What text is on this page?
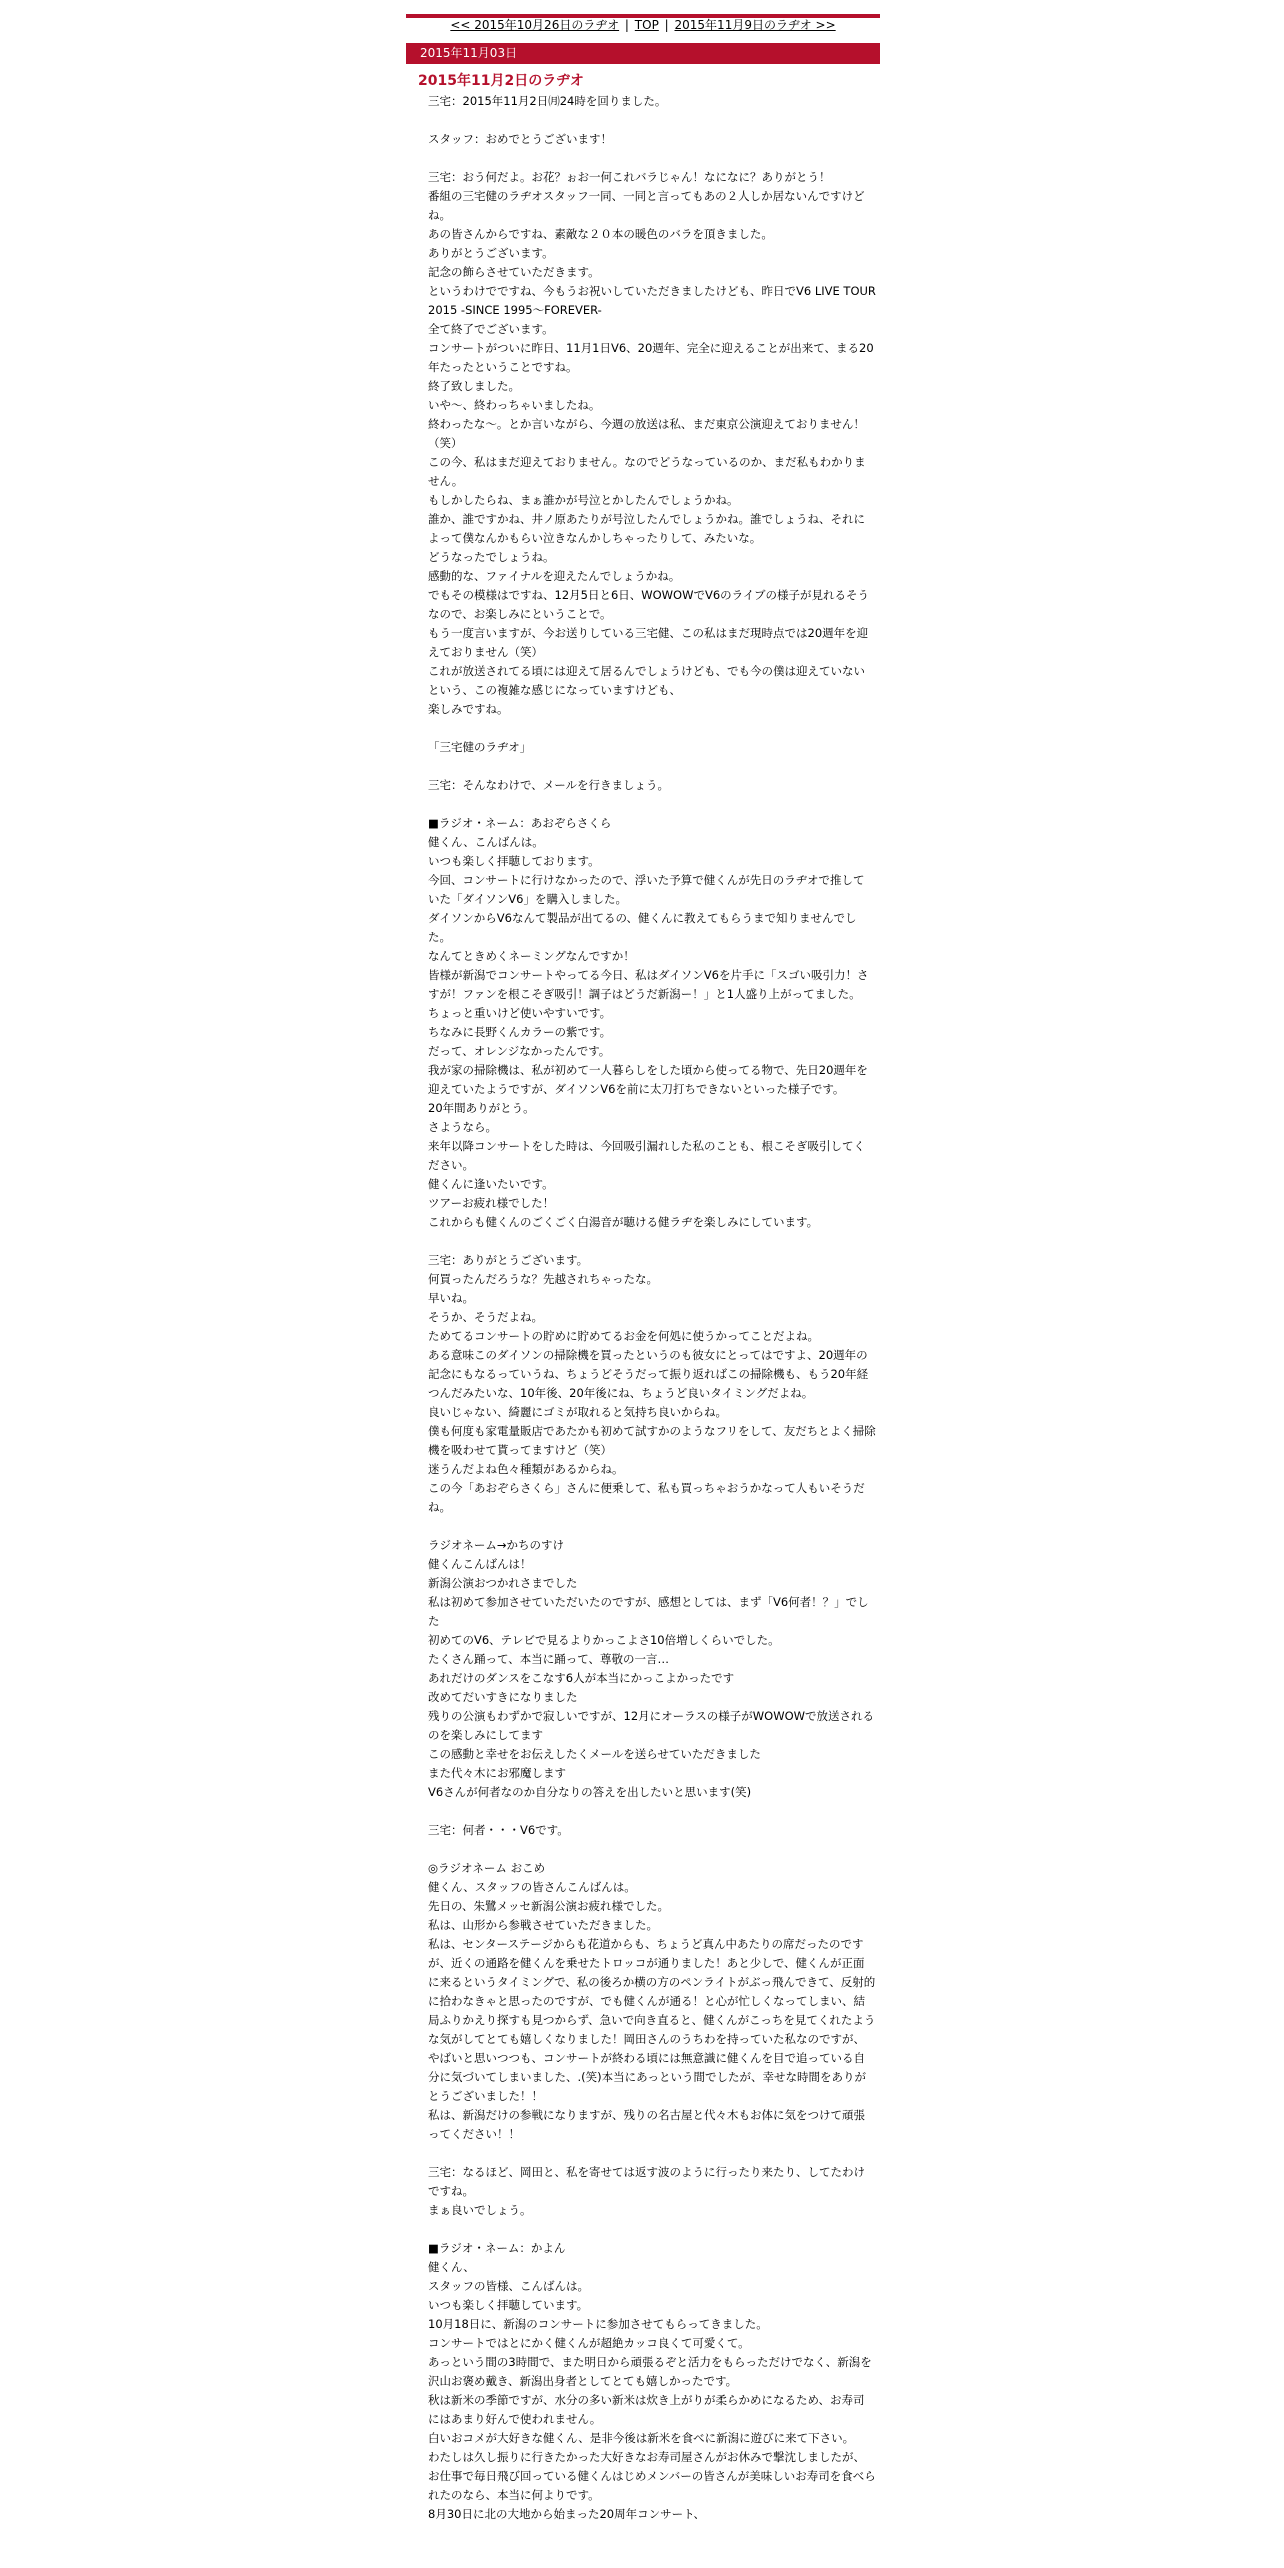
<< 2015年10月26日のラヂオ | TOP | 2015年11月9日のラヂオ >>
2015年11月03日
2015年11月2日のラヂオ
三宅：2015年11月2日㈪24時を回りました。
スタッフ：おめでとうございます！
三宅：おう何だよ。お花？ぉお一何これバラじゃん！なになに？ありがとう！
番組の三宅健のラヂオスタッフ一同、一同と言ってもあの２人しか居ないんですけどね。
あの皆さんからですね、素敵な２０本の暖色のバラを頂きました。
ありがとうございます。
記念の飾らさせていただきます。
というわけでですね、今もうお祝いしていただきましたけども、昨日でV6 LIVE TOUR 2015 -SINCE 1995～FOREVER-
全て終了でございます。
コンサートがついに昨日、11月1日V6、20週年、完全に迎えることが出来て、まる20年たったということですね。
終了致しました。
いや～、終わっちゃいましたね。
終わったな～。とか言いながら、今週の放送は私、まだ東京公演迎えておりません！（笑）
この今、私はまだ迎えておりません。なのでどうなっているのか、まだ私もわかりません。
もしかしたらね、まぁ誰かが号泣とかしたんでしょうかね。
誰か、誰ですかね、井ノ原あたりが号泣したんでしょうかね。誰でしょうね、それによって僕なんかもらい泣きなんかしちゃったりして、みたいな。
どうなったでしょうね。
感動的な、ファイナルを迎えたんでしょうかね。
でもその模様はですね、12月5日と6日、WOWOWでV6のライブの様子が見れるそうなので、お楽しみにということで。
もう一度言いますが、今お送りしている三宅健、この私はまだ現時点では20週年を迎えておりません（笑）
これが放送されてる頃には迎えて居るんでしょうけども、でも今の僕は迎えていないという、この複雑な感じになっていますけども、
楽しみですね。
「三宅健のラヂオ」
三宅：そんなわけで、メールを行きましょう。
■ラジオ・ネーム：あおぞらさくら
健くん、こんばんは。
いつも楽しく拝聴しております。
今回、コンサートに行けなかったので、浮いた予算で健くんが先日のラヂオで推していた「ダイソンV6」を購入しました。
ダイソンからV6なんて製品が出てるの、健くんに教えてもらうまで知りませんでした。
なんてときめくネーミングなんですか！
皆様が新潟でコンサートやってる今日、私はダイソンV6を片手に「スゴい吸引力！さすが！ファンを根こそぎ吸引！調子はどうだ新潟ー！」と1人盛り上がってました。
ちょっと重いけど使いやすいです。
ちなみに長野くんカラーの紫です。
だって、オレンジなかったんです。
我が家の掃除機は、私が初めて一人暮らしをした頃から使ってる物で、先日20週年を迎えていたようですが、ダイソンV6を前に太刀打ちできないといった様子です。
20年間ありがとう。
さようなら。
来年以降コンサートをした時は、今回吸引漏れした私のことも、根こそぎ吸引してください。
健くんに逢いたいです。
ツアーお疲れ様でした！
これからも健くんのごくごく白湯音が聴ける健ラヂを楽しみにしています。
三宅：ありがとうございます。
何買ったんだろうな？先越されちゃったな。
早いね。
そうか、そうだよね。
ためてるコンサートの貯めに貯めてるお金を何処に使うかってことだよね。
ある意味このダイソンの掃除機を買ったというのも彼女にとってはですよ、20週年の記念にもなるっていうね、ちょうどそうだって振り返ればこの掃除機も、もう20年経つんだみたいな、10年後、20年後にね、ちょうど良いタイミングだよね。
良いじゃない、綺麗にゴミが取れると気持ち良いからね。
僕も何度も家電量販店であたかも初めて試すかのようなフリをして、友だちとよく掃除機を吸わせて貰ってますけど（笑）
迷うんだよね色々種類があるからね。
この今「あおぞらさくら」さんに便乗して、私も買っちゃおうかなって人もいそうだね。
ラジオネーム→かちのすけ
健くんこんばんは！
新潟公演おつかれさまでした
私は初めて参加させていただいたのですが、感想としては、まず「V6何者！？」でした
初めてのV6、テレビで見るよりかっこよさ10倍増しくらいでした。
たくさん踊って、本当に踊って、尊敬の一言…
あれだけのダンスをこなす6人が本当にかっこよかったです
改めてだいすきになりました
残りの公演もわずかで寂しいですが、12月にオーラスの様子がWOWOWで放送されるのを楽しみにしてます
この感動と幸せをお伝えしたくメールを送らせていただきました
また代々木にお邪魔します
V6さんが何者なのか自分なりの答えを出したいと思います(笑)
三宅：何者・・・V6です。
◎ラジオネーム おこめ
健くん、スタッフの皆さんこんばんは。
先日の、朱鷺メッセ新潟公演お疲れ様でした。
私は、山形から参戦させていただきました。
私は、センターステージからも花道からも、ちょうど真ん中あたりの席だったのですが、近くの通路を健くんを乗せたトロッコが通りました！あと少しで、健くんが正面に来るというタイミングで、私の後ろか横の方のペンライトがぶっ飛んできて、反射的に拾わなきゃと思ったのですが、でも健くんが通る！と心が忙しくなってしまい、結局ふりかえり探すも見つからず、急いで向き直ると、健くんがこっちを見てくれたような気がしてとても嬉しくなりました！岡田さんのうちわを持っていた私なのですが、やばいと思いつつも、コンサートが終わる頃には無意識に健くんを目で追っている自分に気づいてしまいました、.(笑)本当にあっという間でしたが、幸せな時間をありがとうございました！！
私は、新潟だけの参戦になりますが、残りの名古屋と代々木もお体に気をつけて頑張ってください！！
三宅：なるほど、岡田と、私を寄せては返す波のように行ったり来たり、してたわけですね。
まぁ良いでしょう。
■ラジオ・ネーム：かよん
健くん、
スタッフの皆様、こんばんは。
いつも楽しく拝聴しています。
10月18日に、新潟のコンサートに参加させてもらってきました。
コンサートではとにかく健くんが超絶カッコ良くて可愛くて。
あっという間の3時間で、また明日から頑張るぞと活力をもらっただけでなく、新潟を沢山お褒め戴き、新潟出身者としてとても嬉しかったです。
秋は新米の季節ですが、水分の多い新米は炊き上がりが柔らかめになるため、お寿司にはあまり好んで使われません。
白いおコメが大好きな健くん、是非今後は新米を食べに新潟に遊びに来て下さい。
わたしは久し振りに行きたかった大好きなお寿司屋さんがお休みで撃沈しましたが、
お仕事で毎日飛び回っている健くんはじめメンバーの皆さんが美味しいお寿司を食べられたのなら、本当に何よりです。
8月30日に北の大地から始まった20周年コンサート、
